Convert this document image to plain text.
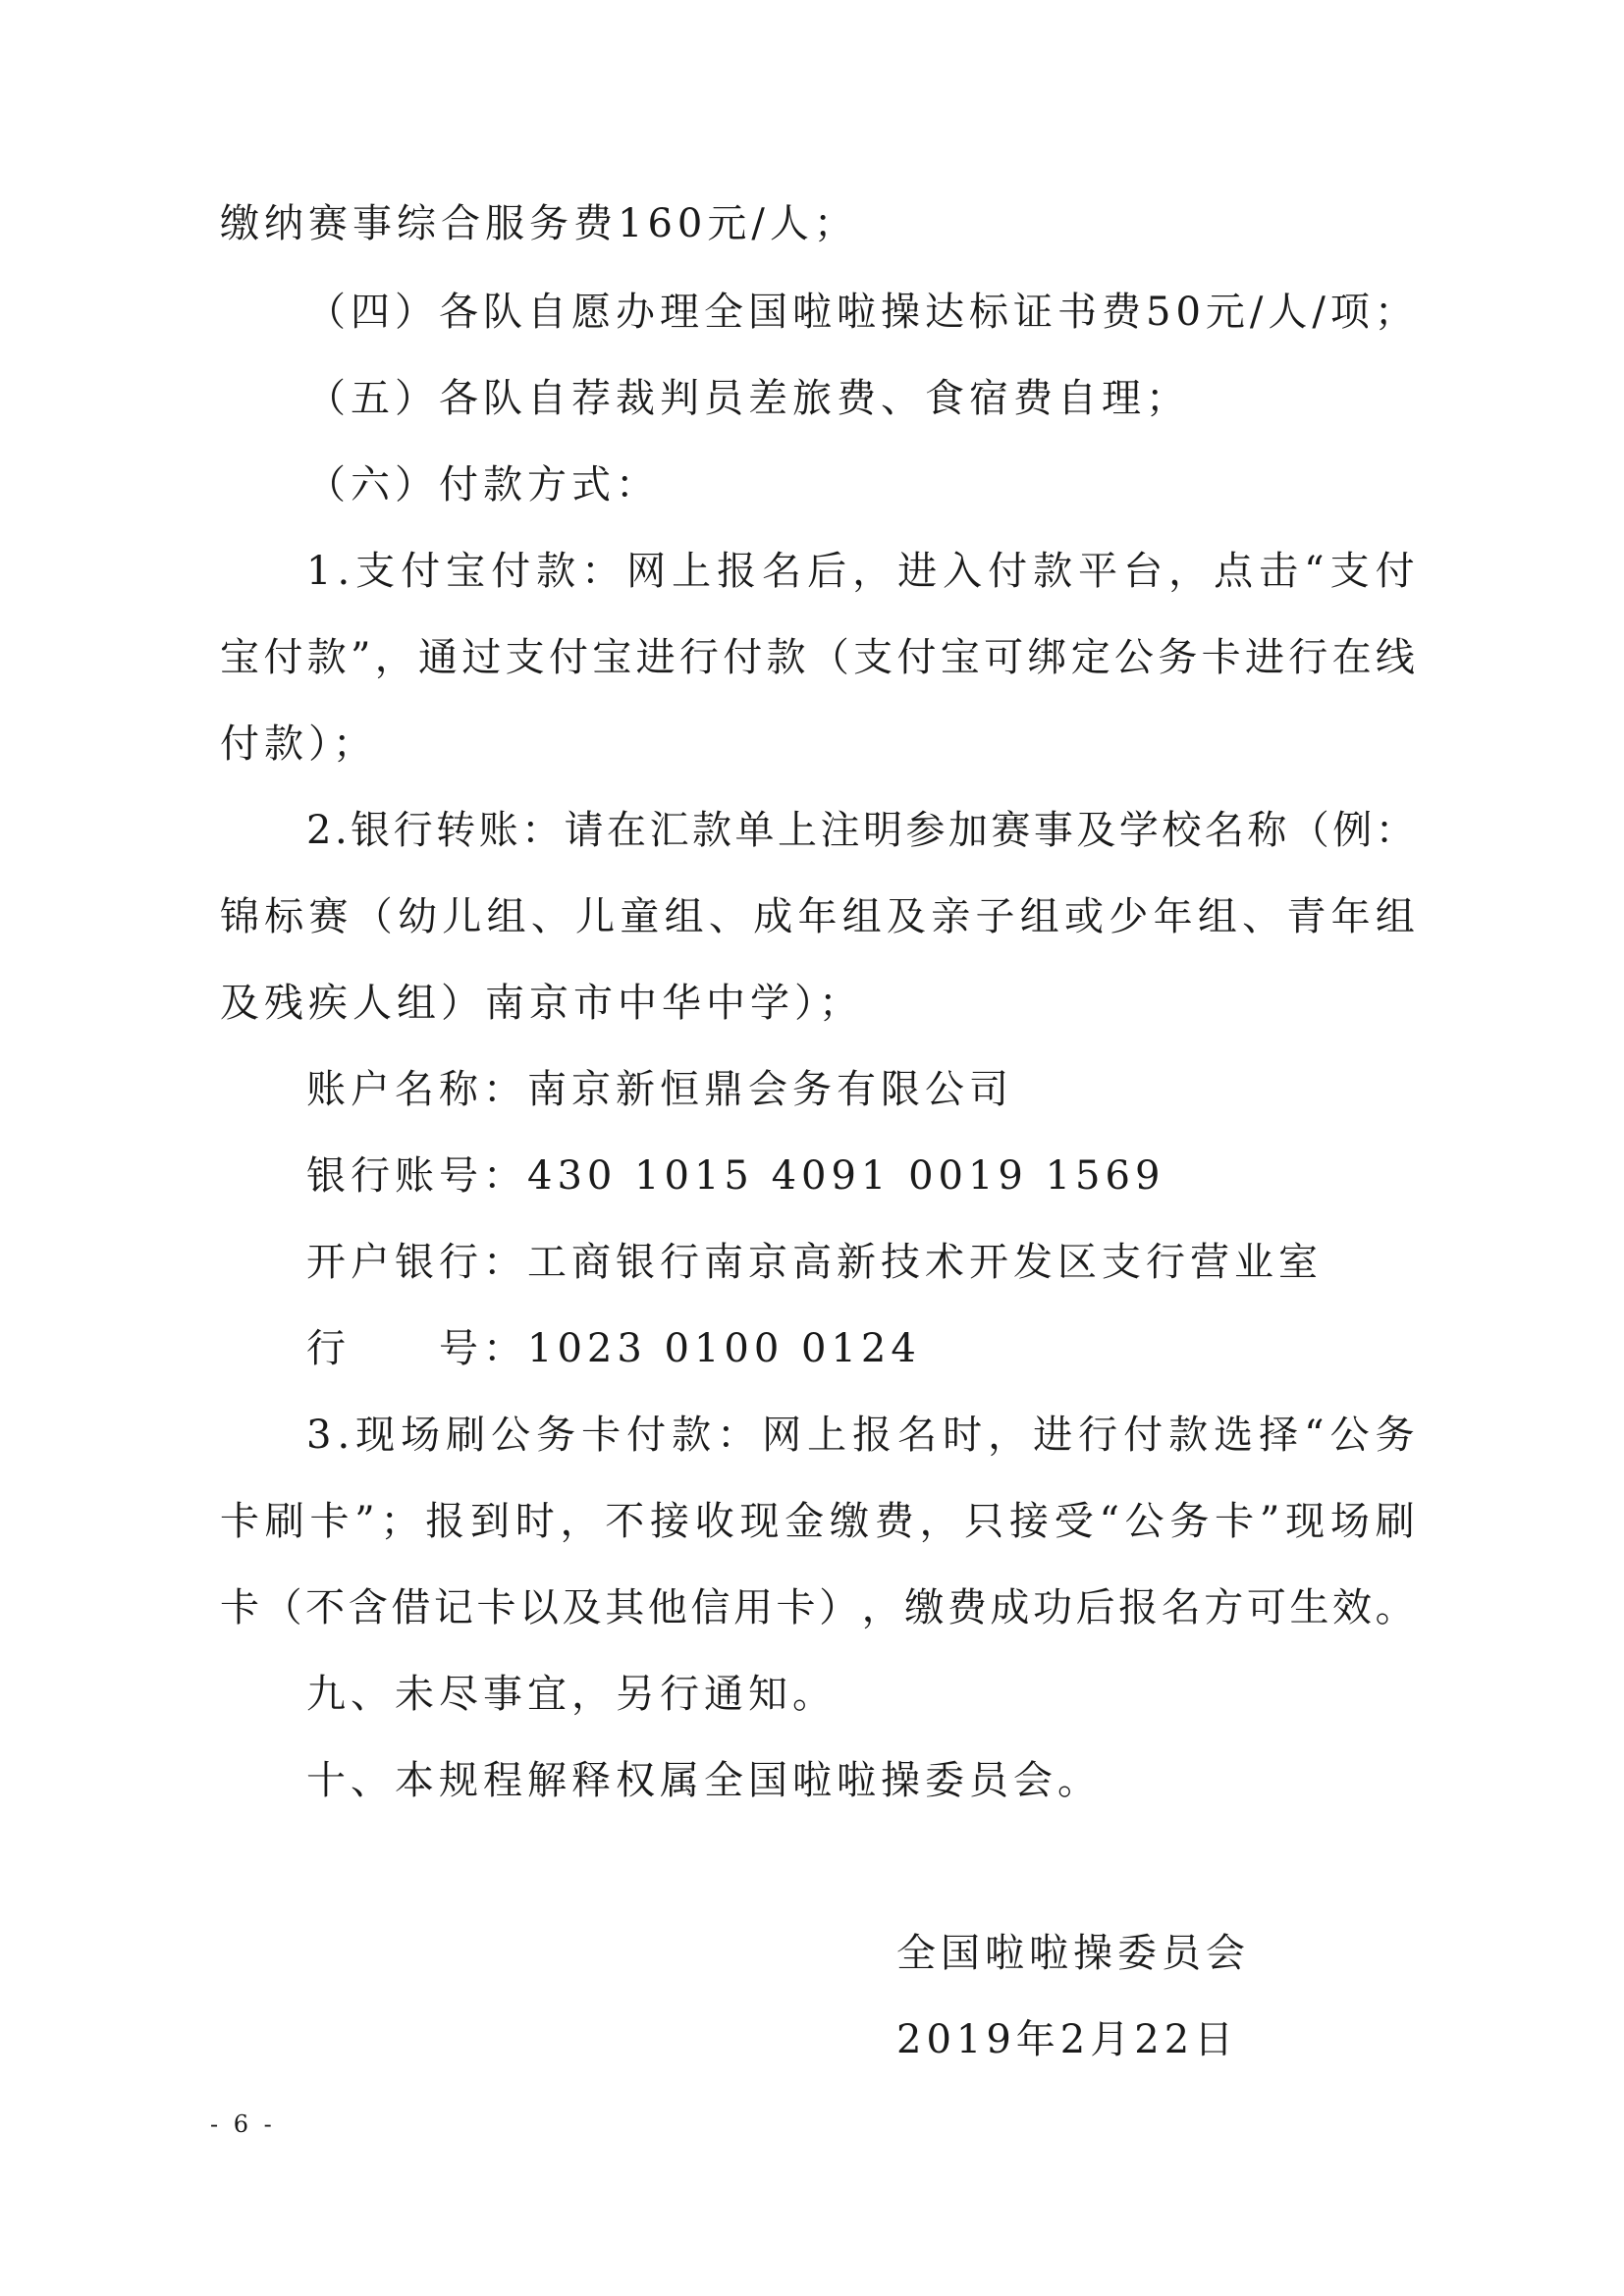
缴纳赛事综合服务费160元/人；
（四）各队自愿办理全国啦啦操达标证书费50元/人/项；
（五）各队自荐裁判员差旅费、食宿费自理；
（六）付款方式：
1 . 支 付 宝 付 款 ： 网 上 报 名 后 ， 进 入 付 款 平 台 ， 点 击 “ 支 付
宝 付 款 ” ， 通 过 支 付 宝 进 行 付 款 （ 支 付 宝 可 绑 定 公 务 卡 进 行 在 线
付款）；
2 . 银 行 转 账 ： 请 在 汇 款 单 上 注 明 参 加 赛 事 及 学 校 名 称 （ 例 ：
锦 标 赛 （ 幼 儿 组 、 儿 童 组 、 成 年 组 及 亲 子 组 或 少 年 组 、 青 年 组
及残疾人组）南京市中华中学）；
账户名称：南京新恒鼎会务有限公司
银行账号：430 1015 4091 0019 1569
开户银行：工商银行南京高新技术开发区支行营业室
行　　号：1023 0100 0124
3 . 现 场 刷 公 务 卡 付 款 ： 网 上 报 名 时 ， 进 行 付 款 选 择 “ 公 务
卡 刷 卡 ” ； 报 到 时 ， 不 接 收 现 金 缴 费 ， 只 接 受 “ 公 务 卡 ” 现 场 刷
卡 （ 不 含 借 记 卡 以 及 其 他 信 用 卡 ） ， 缴 费 成 功 后 报 名 方 可 生 效 。
九、未尽事宜，另行通知。
十、本规程解释权属全国啦啦操委员会。
全国啦啦操委员会
2019年2月22日
- 6 -
